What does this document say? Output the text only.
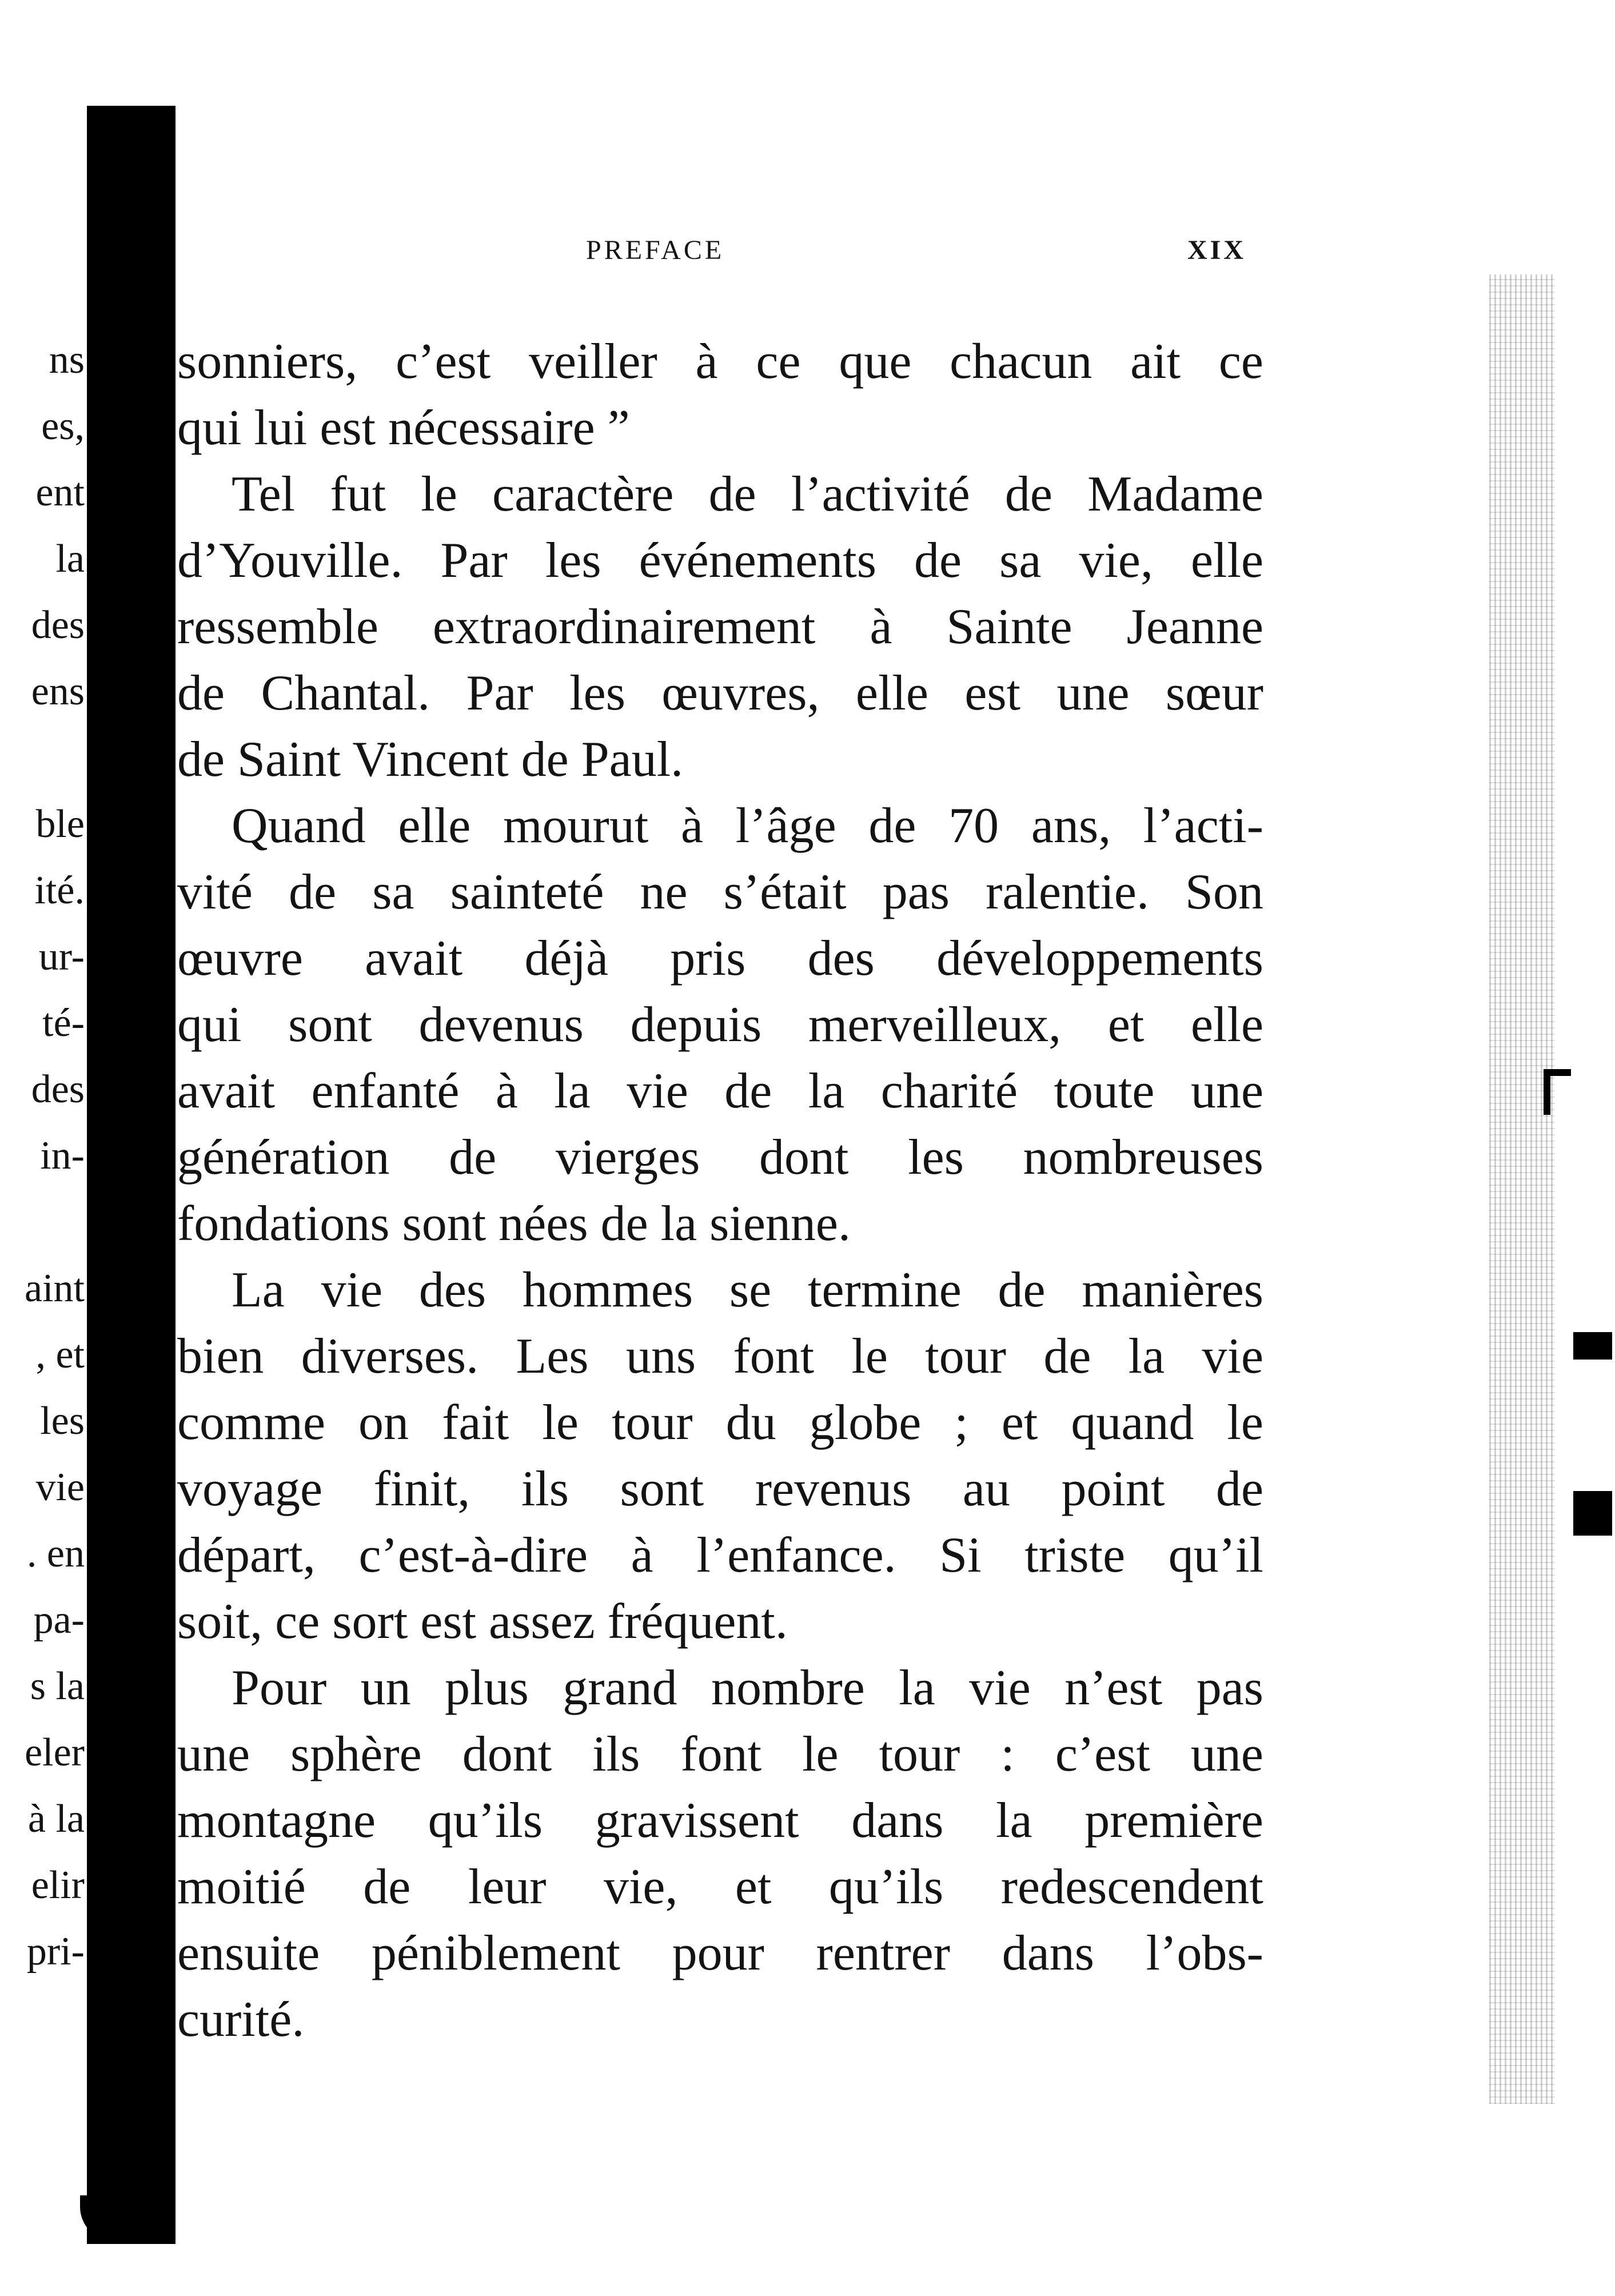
ns
es,
ent
la
des
ens
ble
ité.
ur-
té-
des
in-
aint
, et
les
vie
. en
pa-
s la
eler
à la
elir
pri-
PREFACE	XIX
sonniers, c’est veiller à ce que chacun ait ce
qui lui est nécessaire ”
Tel fut le caractère de l’activité de Madame
d’Youville. Par les événements de sa vie, elle
ressemble extraordinairement à Sainte Jeanne
de Chantal. Par les œuvres, elle est une sœur
de Saint Vincent de Paul.
Quand elle mourut à l’âge de 70 ans, l’acti-
vité de sa sainteté ne s’était pas ralentie. Son
œuvre avait déjà pris des développements
qui sont devenus depuis merveilleux, et elle
avait enfanté à la vie de la charité toute une
génération de vierges dont les nombreuses
fondations sont nées de la sienne.
La vie des hommes se termine de manières
bien diverses. Les uns font le tour de la vie
comme on fait le tour du globe ; et quand le
voyage finit, ils sont revenus au point de
départ, c’est-à-dire à l’enfance. Si triste qu’il
soit, ce sort est assez fréquent.
Pour un plus grand nombre la vie n’est pas
une sphère dont ils font le tour : c’est une
montagne qu’ils gravissent dans la première
moitié de leur vie, et qu’ils redescendent
ensuite péniblement pour rentrer dans l’obs-
curité.
